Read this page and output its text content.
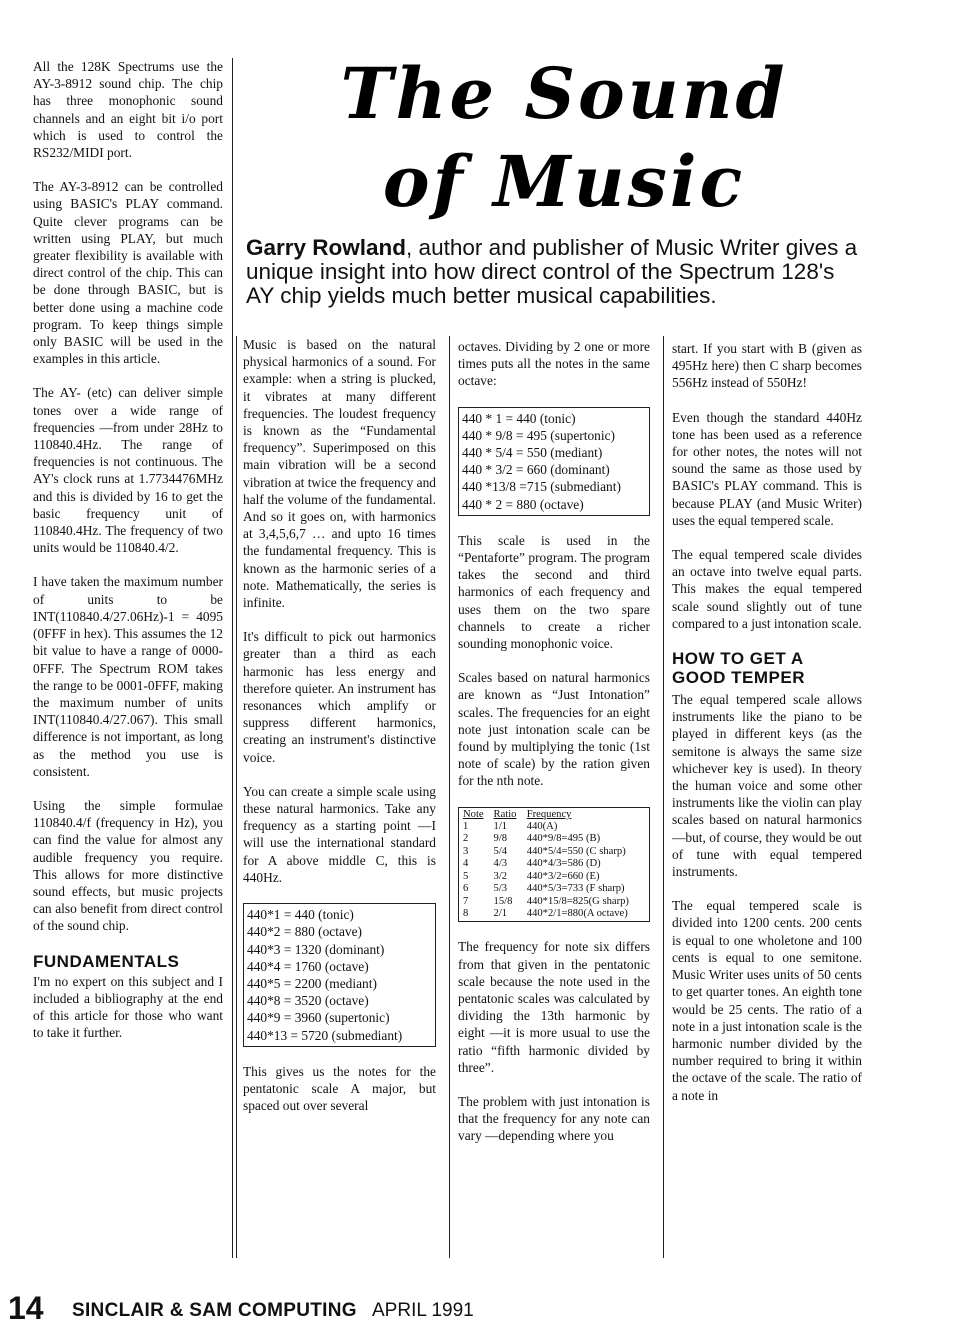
All the 128K Spectrums use the AY-3-8912 sound chip. The chip has three monophonic sound channels and an eight bit i/o port which is used to control the RS232/MIDI port.

The AY-3-8912 can be controlled using BASIC's PLAY command. Quite clever programs can be written using PLAY, but much greater flexibility is available with direct control of the chip. This can be done through BASIC, but is better done using a machine code program. To keep things simple only BASIC will be used in the examples in this article.

The AY- (etc) can deliver simple tones over a wide range of frequencies —from under 28Hz to 110840.4Hz. The range of frequencies is not continuous. The AY's clock runs at 1.7734476MHz and this is divided by 16 to get the basic frequency unit of 110840.4Hz. The frequency of two units would be 110840.4/2.

I have taken the maximum number of units to be INT(110840.4/27.06Hz)-1 = 4095 (0FFF in hex). This assumes the 12 bit value to have a range of 0000-0FFF. The Spectrum ROM takes the range to be 0001-0FFF, making the maximum number of units INT(110840.4/27.067). This small difference is not important, as long as the method you use is consistent.

Using the simple formulae 110840.4/f (frequency in Hz), you can find the value for almost any audible frequency you require. This allows for more distinctive sound effects, but music projects can also benefit from direct control of the sound chip.

FUNDAMENTALS

I'm no expert on this subject and I included a bibliography at the end of this article for those who want to take it further.

The Sound
of Music
Garry Rowland, author and publisher of Music Writer gives a unique insight into how direct control of the Spectrum 128's AY chip yields much better musical capabilities.

Music is based on the natural physical harmonics of a sound. For example: when a string is plucked, it vibrates at many different frequencies. The loudest frequency is known as the “Fundamental frequency”. Superimposed on this main vibration will be a second vibration at twice the frequency and half the volume of the fundamental. And so it goes on, with harmonics at 3,4,5,6,7 … and upto 16 times the fundamental frequency. This is known as the harmonic series of a note. Mathematically, the series is infinite.

It's difficult to pick out harmonics greater than a third as each harmonic has less energy and therefore quieter. An instrument has resonances which amplify or suppress different harmonics, creating an instrument's distinctive voice.

You can create a simple scale using these natural harmonics. Take any frequency as a starting point —I will use the international standard for A above middle C, this is 440Hz.

440*1 = 440 (tonic)
440*2 = 880 (octave)
440*3 = 1320 (dominant)
440*4 = 1760 (octave)
440*5 = 2200 (mediant)
440*8 = 3520 (octave)
440*9 = 3960 (supertonic)
440*13 = 5720 (submediant)

This gives us the notes for the pentatonic scale A major, but spaced out over several

octaves. Dividing by 2 one or more times puts all the notes in the same octave:

440 * 1 = 440 (tonic)
440 * 9/8 = 495 (supertonic)
440 * 5/4 = 550 (mediant)
440 * 3/2 = 660 (dominant)
440 *13/8 =715 (submediant)
440 * 2 = 880 (octave)

This scale is used in the “Pentaforte” program. The program takes the second and third harmonics of each frequency and uses them on the two spare channels to create a richer sounding monophonic voice.

Scales based on natural harmonics are known as “Just Intonation” scales. The frequencies for an eight note just intonation scale can be found by multiplying the tonic (1st note of scale) by the ration given for the nth note.

Note	Ratio	Frequency
1	1/1	440(A)
2	9/8	440*9/8=495 (B)
3	5/4	440*5/4=550 (C sharp)
4	4/3	440*4/3=586 (D)
5	3/2	440*3/2=660 (E)
6	5/3	440*5/3=733 (F sharp)
7	15/8	440*15/8=825(G sharp)
8	2/1	440*2/1=880(A octave)

The frequency for note six differs from that given in the pentatonic scale because the note used in the pentatonic scales was calculated by dividing the 13th harmonic by eight —it is more usual to use the ratio “fifth harmonic divided by three”.

The problem with just intonation is that the frequency for any note can vary —depending where you

start. If you start with B (given as 495Hz here) then C sharp becomes 556Hz instead of 550Hz!

Even though the standard 440Hz tone has been used as a reference for other notes, the notes will not sound the same as those used by BASIC's PLAY command. This is because PLAY (and Music Writer) uses the equal tempered scale.

The equal tempered scale divides an octave into twelve equal parts. This makes the equal tempered scale sound slightly out of tune compared to a just intonation scale.

HOW TO GET A GOOD TEMPER

The equal tempered scale allows instruments like the piano to be played in different keys (as the semitone is always the same size whichever key is used). In theory the human voice and some other instruments like the violin can play scales based on natural harmonics —but, of course, they would be out of tune with equal tempered instruments.

The equal tempered scale is divided into 1200 cents. 200 cents is equal to one wholetone and 100 cents is equal to one semitone. Music Writer uses units of 50 cents to get quarter tones. An eighth tone would be 25 cents. The ratio of a note in a just intonation scale is the harmonic number divided by the number required to bring it within the octave of the scale. The ratio of a note in

14 SINCLAIR & SAM COMPUTING APRIL 1991
